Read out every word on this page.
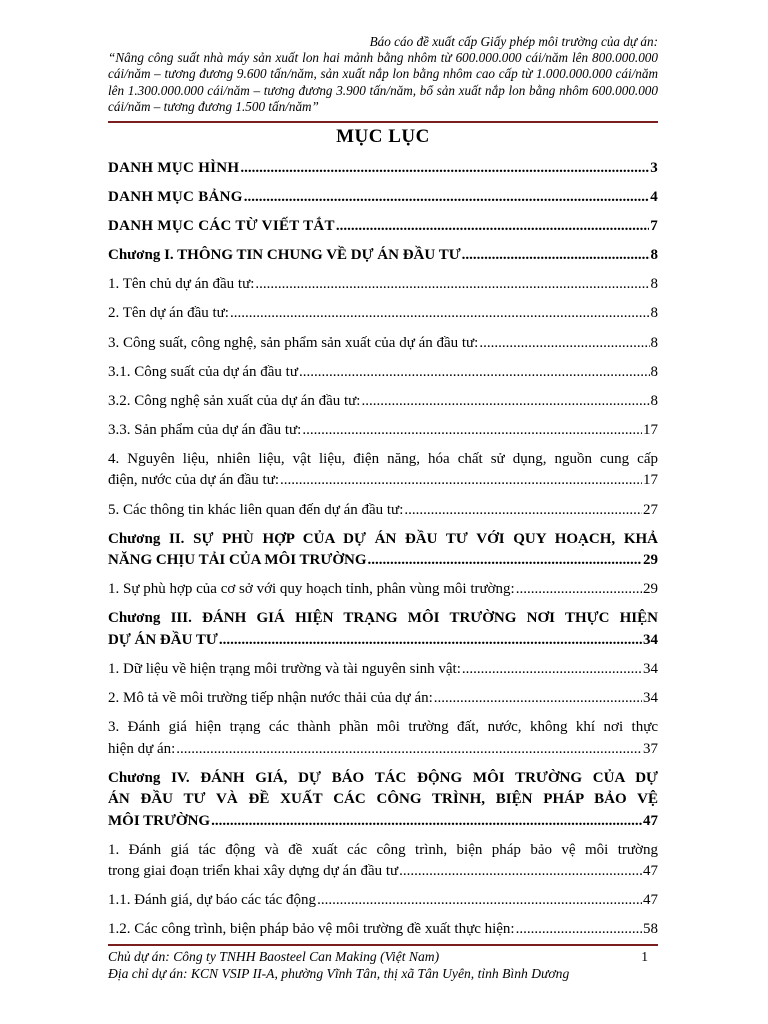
Báo cáo đề xuất cấp Giấy phép môi trường của dự án:
“Nâng công suất nhà máy sản xuất lon hai mảnh bằng nhôm từ 600.000.000 cái/năm lên 800.000.000 cái/năm – tương đương 9.600 tấn/năm, sản xuất nắp lon bằng nhôm cao cấp từ 1.000.000.000 cái/năm lên 1.300.000.000 cái/năm – tương đương 3.900 tấn/năm, bổ sản xuất nắp lon bằng nhôm 600.000.000 cái/năm – tương đương 1.500 tấn/năm”
MỤC LỤC
DANH MỤC HÌNH .....	3
DANH MỤC BẢNG .....	4
DANH MỤC CÁC TỪ VIẾT TẮT .....	7
Chương I. THÔNG TIN CHUNG VỀ DỰ ÁN ĐẦU TƯ .....	8
1. Tên chủ dự án đầu tư: .....	8
2. Tên dự án đầu tư: .....	8
3. Công suất, công nghệ, sản phẩm sản xuất của dự án đầu tư: .....	8
3.1. Công suất của dự án đầu tư .....	8
3.2. Công nghệ sản xuất của dự án đầu tư: .....	8
3.3. Sản phẩm của dự án đầu tư: .....	17
4. Nguyên liệu, nhiên liệu, vật liệu, điện năng, hóa chất sử dụng, nguồn cung cấp
điện, nước của dự án đầu tư: .....	17
5. Các thông tin khác liên quan đến dự án đầu tư: .....	27
Chương II. SỰ PHÙ HỢP CỦA DỰ ÁN ĐẦU TƯ VỚI QUY HOẠCH, KHẢ
NĂNG CHỊU TẢI CỦA MÔI TRƯỜNG .....	29
1. Sự phù hợp của cơ sở với quy hoạch tỉnh, phân vùng môi trường: .....	29
Chương III. ĐÁNH GIÁ HIỆN TRẠNG MÔI TRƯỜNG NƠI THỰC HIỆN
DỰ ÁN ĐẦU TƯ .....	34
1. Dữ liệu về hiện trạng môi trường và tài nguyên sinh vật: .....	34
2. Mô tả về môi trường tiếp nhận nước thải của dự án: .....	34
3. Đánh giá hiện trạng các thành phần môi trường đất, nước, không khí nơi thực
hiện dự án: .....	37
Chương IV. ĐÁNH GIÁ, DỰ BÁO TÁC ĐỘNG MÔI TRƯỜNG CỦA DỰ
ÁN ĐẦU TƯ VÀ ĐỀ XUẤT CÁC CÔNG TRÌNH, BIỆN PHÁP BẢO VỆ
MÔI TRƯỜNG .....	47
1. Đánh giá tác động và đề xuất các công trình, biện pháp bảo vệ môi trường
trong giai đoạn triển khai xây dựng dự án đầu tư .....	47
1.1. Đánh giá, dự báo các tác động .....	47
1.2. Các công trình, biện pháp bảo vệ môi trường đề xuất thực hiện: .....	58
Chủ dự án: Công ty TNHH Baosteel Can Making (Việt Nam)	1
Địa chỉ dự án: KCN VSIP II-A, phường Vĩnh Tân, thị xã Tân Uyên, tỉnh Bình Dương
